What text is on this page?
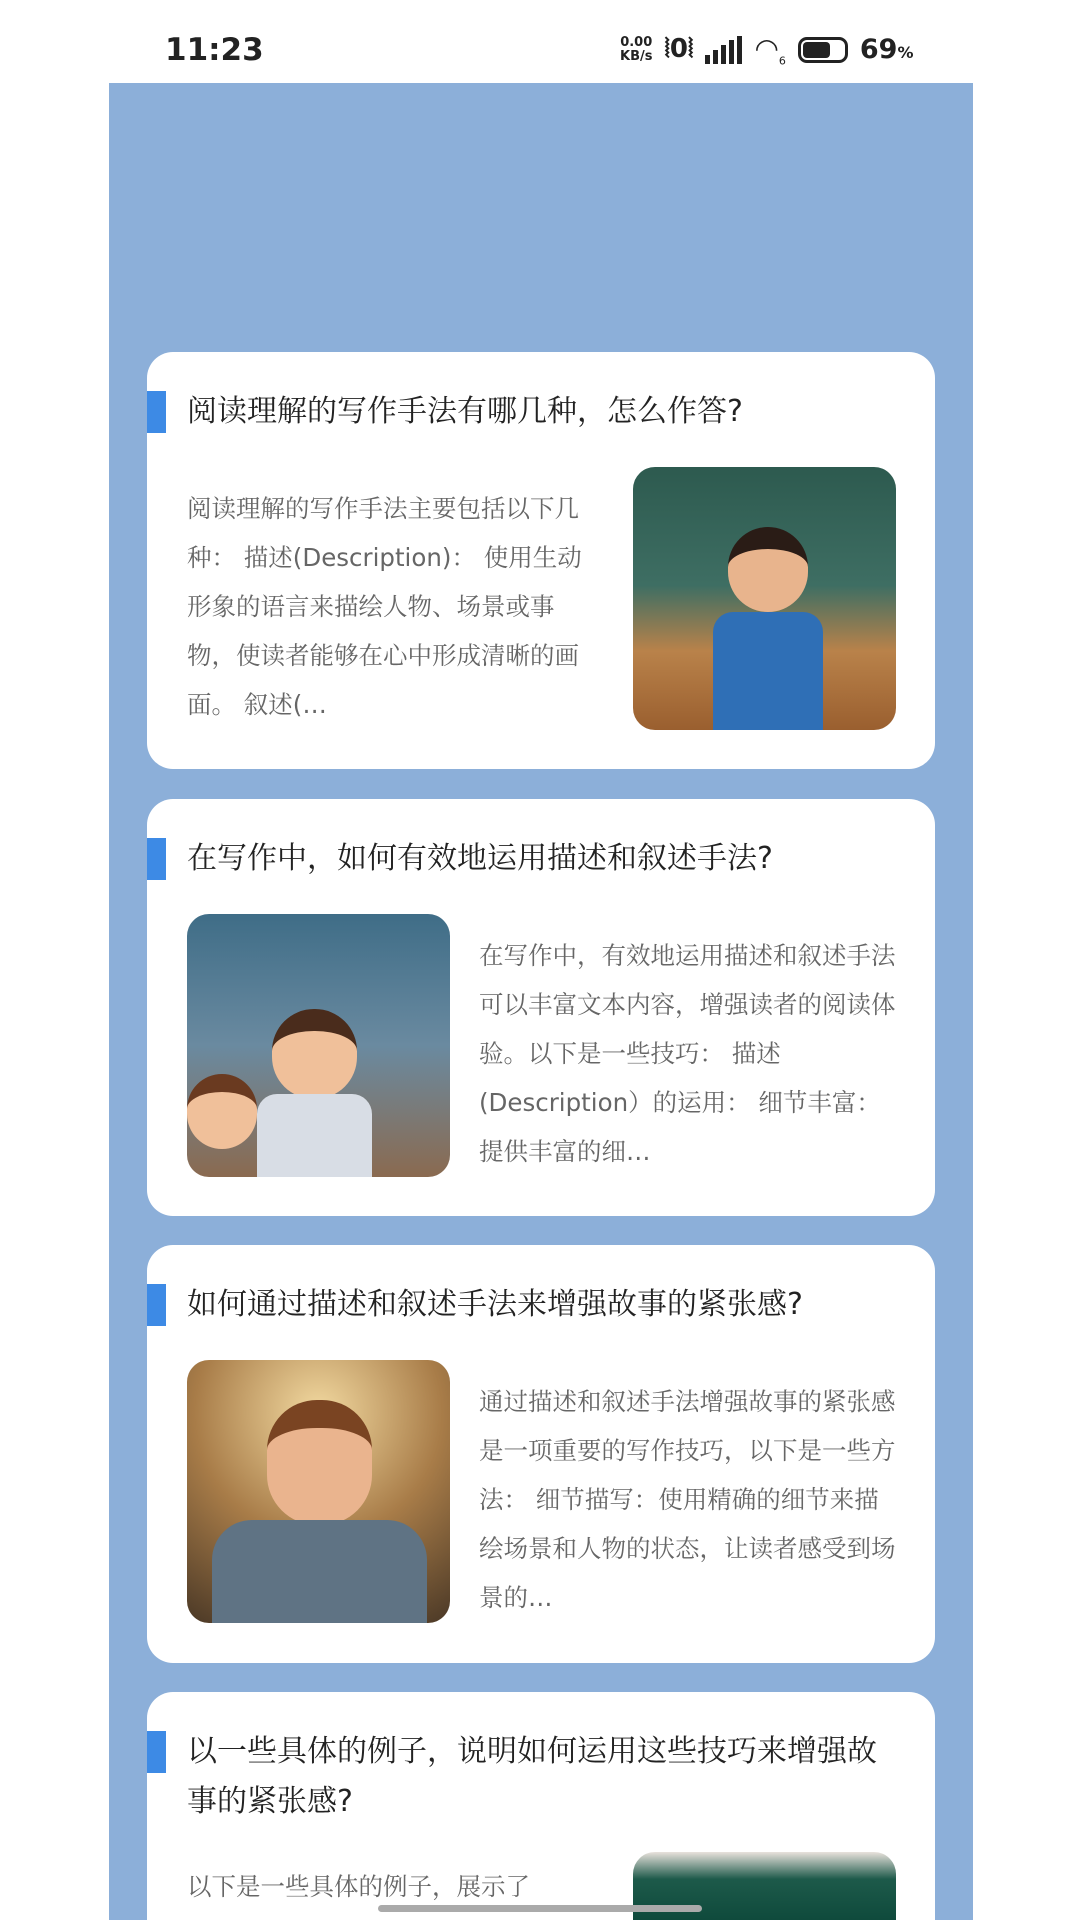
11:23	0.00
KB/s ⦚0⦚ $◠_6$	69%
阅读理解的写作手法有哪几种，怎么作答?
阅读理解的写作手法主要包括以下几种： 描述(Description)： 使用生动形象的语言来描绘人物、场景或事物，使读者能够在心中形成清晰的画面。 叙述(…
在写作中，如何有效地运用描述和叙述手法?
在写作中，有效地运用描述和叙述手法可以丰富文本内容，增强读者的阅读体验。以下是一些技巧： 描述(Description）的运用： 细节丰富：提供丰富的细…
如何通过描述和叙述手法来增强故事的紧张感?
通过描述和叙述手法增强故事的紧张感是一项重要的写作技巧，以下是一些方法： 细节描写：使用精确的细节来描绘场景和人物的状态，让读者感受到场景的…
以一些具体的例子，说明如何运用这些技巧来增强故事的紧张感?
以下是一些具体的例子，展示了
